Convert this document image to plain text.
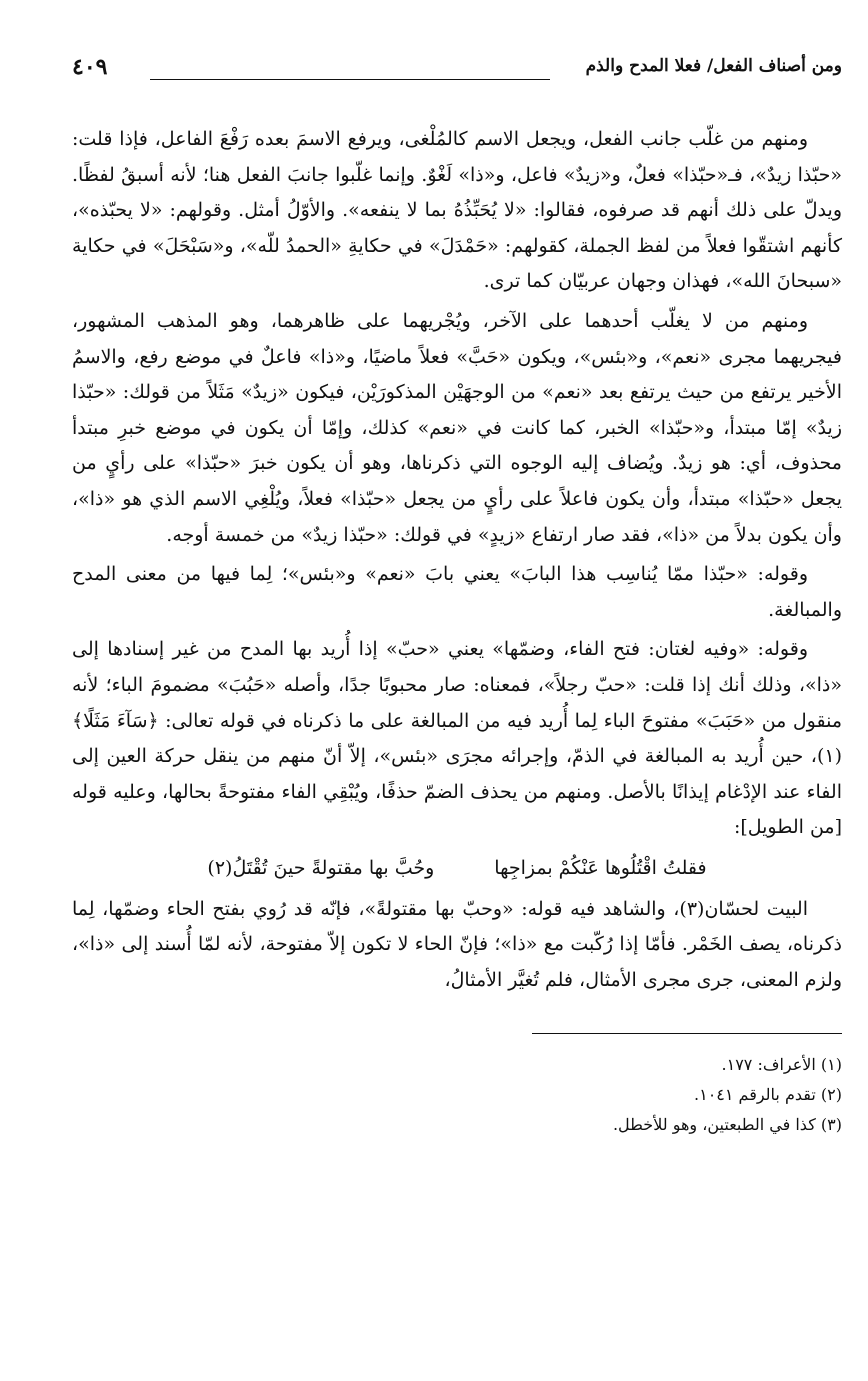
ومن أصناف الفعل/ فعلا المدح والذم
٤٠٩

ومنهم من غلّب جانب الفعل، ويجعل الاسم كالمُلْغى، ويرفع الاسمَ بعده رَفْعَ الفاعل، فإذا قلت: «حبّذا زيدٌ»، فـ«حبّذا» فعلٌ، و«زيدٌ» فاعل، و«ذا» لَغْوٌ. وإنما غلّبوا جانبَ الفعل هنا؛ لأنه أسبقُ لفظًا. ويدلّ على ذلك أنهم قد صرفوه، فقالوا: «لا يُحَبِّذُهُ بما لا ينفعه». والأوّلُ أمثل. وقولهم: «لا يحبّذه»، كأنهم اشتقّوا فعلاً من لفظ الجملة، كقولهم: «حَمْدَلَ» في حكايةِ «الحمدُ للّه»، و«سَبْحَلَ» في حكاية «سبحانَ الله»، فهذان وجهان عربيّان كما ترى.

ومنهم من لا يغلّب أحدهما على الآخر، ويُجْريهما على ظاهرهما، وهو المذهب المشهور، فيجريهما مجرى «نعم»، و«بئس»، ويكون «حَبَّ» فعلاً ماضيًا، و«ذا» فاعلٌ في موضع رفع، والاسمُ الأخير يرتفع من حيث يرتفع بعد «نعم» من الوجهَيْن المذكورَيْن، فيكون «زيدٌ» مَثَلاً من قولك: «حبّذا زيدٌ» إمّا مبتدأ، و«حبّذا» الخبر، كما كانت في «نعم» كذلك، وإمّا أن يكون في موضع خبرِ مبتدأ محذوف، أي: هو زيدٌ. ويُضاف إليه الوجوه التي ذكرناها، وهو أن يكون خبرَ «حبّذا» على رأيٍ من يجعل «حبّذا» مبتدأ، وأن يكون فاعلاً على رأيٍ من يجعل «حبّذا» فعلاً، ويُلْغِي الاسم الذي هو «ذا»، وأن يكون بدلاً من «ذا»، فقد صار ارتفاع «زيدٍ» في قولك: «حبّذا زيدٌ» من خمسة أوجه.

وقوله: «حبّذا ممّا يُناسِب هذا البابَ» يعني بابَ «نعم» و«بئس»؛ لِما فيها من معنى المدح والمبالغة.

وقوله: «وفيه لغتان: فتح الفاء، وضمّها» يعني «حبّ» إذا أُريد بها المدح من غير إسنادها إلى «ذا»، وذلك أنك إذا قلت: «حبّ رجلاً»، فمعناه: صار محبوبًا جدًا، وأصله «حَبُبَ» مضمومَ الباء؛ لأنه منقول من «حَبَبَ» مفتوحَ الباء لِما أُريد فيه من المبالغة على ما ذكرناه في قوله تعالى: ﴿سَآءَ مَثَلًا﴾(١)، حين أُريد به المبالغة في الذمّ، وإجرائه مجرَى «بئس»، إلاّ أنّ منهم من ينقل حركة العين إلى الفاء عند الإدْغام إيذانًا بالأصل. ومنهم من يحذف الضمّ حذفًا، ويُبْقِي الفاء مفتوحةً بحالها، وعليه قوله [من الطويل]:

فقلتُ اقْتُلُوها عَنْكُمْ بمزاجِها
وحُبَّ بها مقتولةً حينَ تُقْتَلُ(٢)

البيت لحسّان(٣)، والشاهد فيه قوله: «وحبّ بها مقتولةً»، فإنّه قد رُوي بفتح الحاء وضمّها، لِما ذكرناه، يصف الخَمْر. فأمّا إذا رُكّبت مع «ذا»؛ فإنّ الحاء لا تكون إلاّ مفتوحة، لأنه لمّا أُسند إلى «ذا»، ولزم المعنى، جرى مجرى الأمثال، فلم تُغيَّر الأمثالُ،

(١) الأعراف: ١٧٧.
(٢) تقدم بالرقم ١٠٤١.
(٣) كذا في الطبعتين، وهو للأخطل.
